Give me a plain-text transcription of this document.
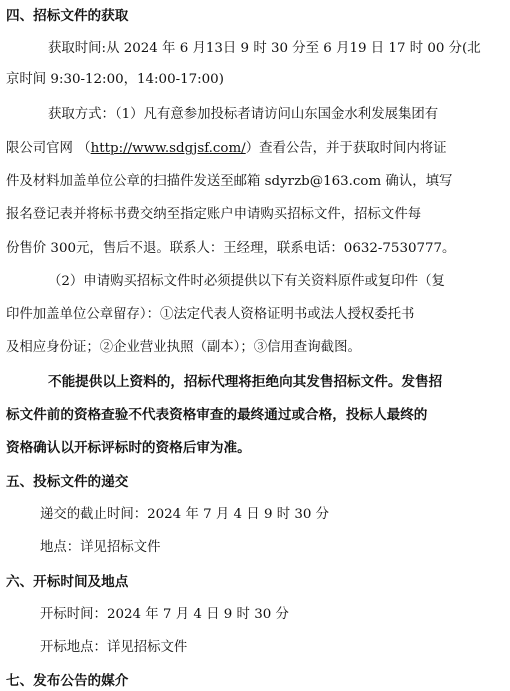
四、招标文件的获取
获取时间:从 2024 年 6 月13日 9 时 30 分至 6 月19 日 17 时 00 分(北
京时间 9:30-12:00，14:00-17:00)
获取方式：（1）凡有意参加投标者请访问山东国金水利发展集团有
限公司官网 （http://www.sdgjsf.com/）查看公告，并于获取时间内将证
件及材料加盖单位公章的扫描件发送至邮箱 sdyrzb@163.com 确认，填写
报名登记表并将标书费交纳至指定账户申请购买招标文件，招标文件每
份售价 300元，售后不退。联系人：王经理，联系电话：0632-7530777。
（2）申请购买招标文件时必须提供以下有关资料原件或复印件（复
印件加盖单位公章留存）：①法定代表人资格证明书或法人授权委托书
及相应身份证；②企业营业执照（副本）；③信用查询截图。
不能提供以上资料的，招标代理将拒绝向其发售招标文件。发售招
标文件前的资格查验不代表资格审查的最终通过或合格，投标人最终的
资格确认以开标评标时的资格后审为准。
五、投标文件的递交
递交的截止时间：2024 年 7 月 4 日 9 时 30 分
地点：详见招标文件
六、开标时间及地点
开标时间：2024 年 7 月 4 日 9 时 30 分
开标地点：详见招标文件
七、发布公告的媒介
